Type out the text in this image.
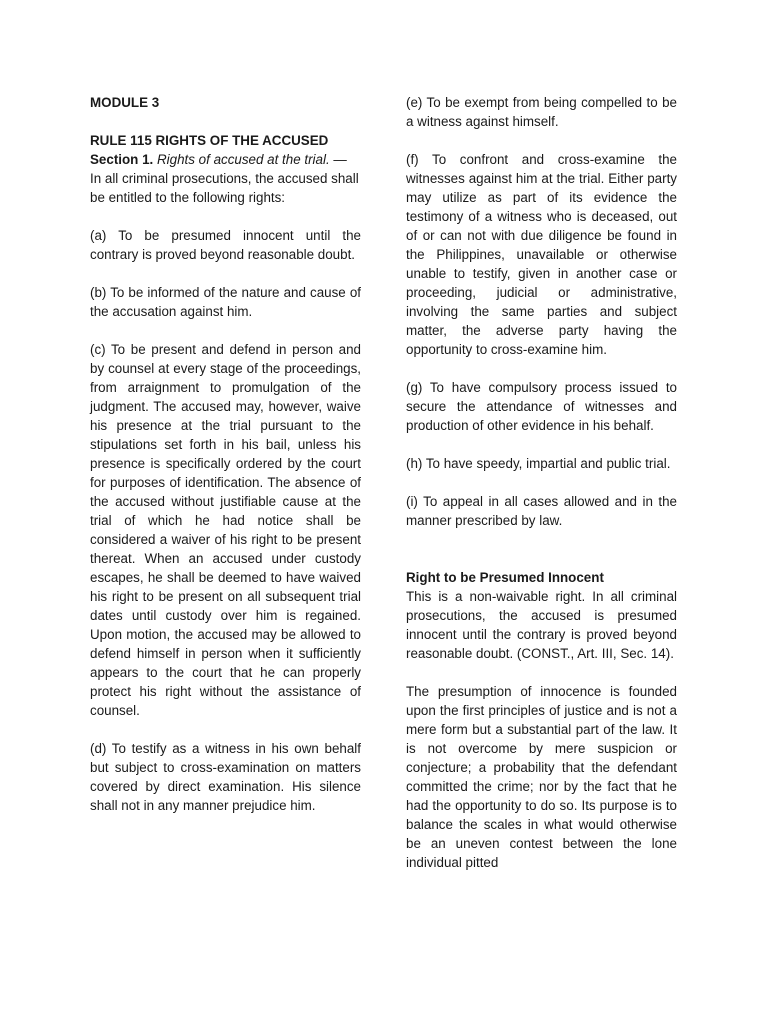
MODULE 3

RULE 115 RIGHTS OF THE ACCUSED

Section 1. Rights of accused at the trial. — In all criminal prosecutions, the accused shall be entitled to the following rights:

(a) To be presumed innocent until the contrary is proved beyond reasonable doubt.

(b) To be informed of the nature and cause of the accusation against him.

(c) To be present and defend in person and by counsel at every stage of the proceedings, from arraignment to promulgation of the judgment. The accused may, however, waive his presence at the trial pursuant to the stipulations set forth in his bail, unless his presence is specifically ordered by the court for purposes of identification. The absence of the accused without justifiable cause at the trial of which he had notice shall be considered a waiver of his right to be present thereat. When an accused under custody escapes, he shall be deemed to have waived his right to be present on all subsequent trial dates until custody over him is regained. Upon motion, the accused may be allowed to defend himself in person when it sufficiently appears to the court that he can properly protect his right without the assistance of counsel.

(d) To testify as a witness in his own behalf but subject to cross-examination on matters covered by direct examination. His silence shall not in any manner prejudice him.

(e) To be exempt from being compelled to be a witness against himself.

(f) To confront and cross-examine the witnesses against him at the trial. Either party may utilize as part of its evidence the testimony of a witness who is deceased, out of or can not with due diligence be found in the Philippines, unavailable or otherwise unable to testify, given in another case or proceeding, judicial or administrative, involving the same parties and subject matter, the adverse party having the opportunity to cross-examine him.

(g) To have compulsory process issued to secure the attendance of witnesses and production of other evidence in his behalf.

(h) To have speedy, impartial and public trial.

(i) To appeal in all cases allowed and in the manner prescribed by law.

Right to be Presumed Innocent

This is a non-waivable right. In all criminal prosecutions, the accused is presumed innocent until the contrary is proved beyond reasonable doubt. (CONST., Art. III, Sec. 14).

The presumption of innocence is founded upon the first principles of justice and is not a mere form but a substantial part of the law. It is not overcome by mere suspicion or conjecture; a probability that the defendant committed the crime; nor by the fact that he had the opportunity to do so. Its purpose is to balance the scales in what would otherwise be an uneven contest between the lone individual pitted
